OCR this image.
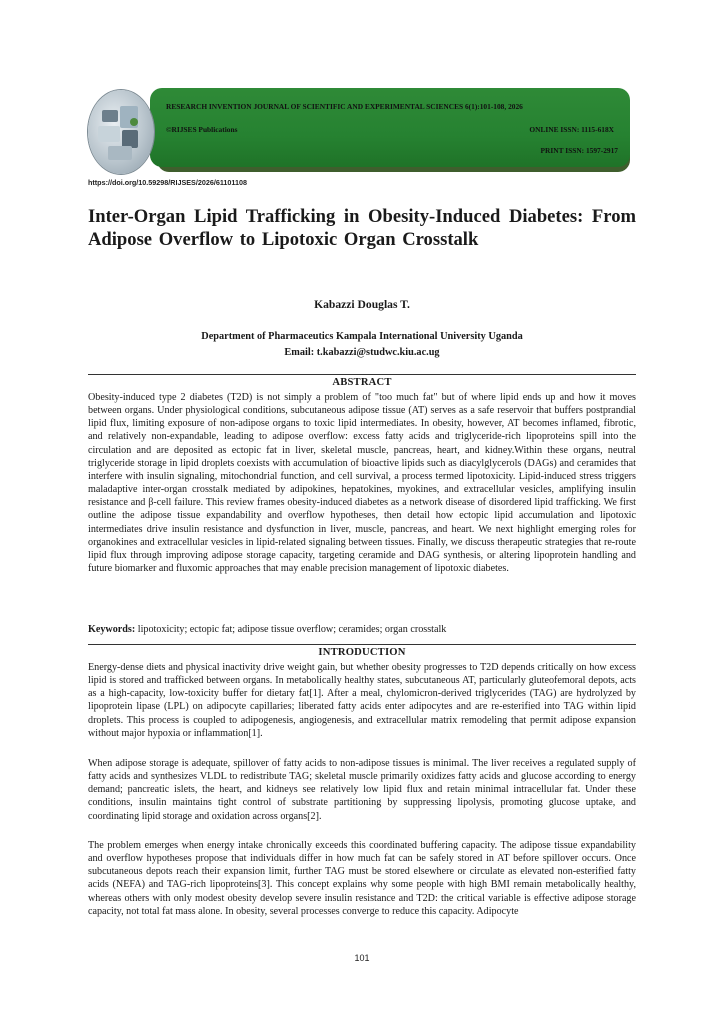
RESEARCH INVENTION JOURNAL OF SCIENTIFIC AND EXPERIMENTAL SCIENCES 6(1):101-108, 2026
©RIJSES Publications	ONLINE ISSN: 1115-618X
PRINT ISSN: 1597-2917
https://doi.org/10.59298/RIJSES/2026/61101108
Inter-Organ Lipid Trafficking in Obesity-Induced Diabetes: From Adipose Overflow to Lipotoxic Organ Crosstalk
Kabazzi Douglas T.
Department of Pharmaceutics Kampala International University Uganda
Email: t.kabazzi@studwc.kiu.ac.ug
ABSTRACT

Obesity-induced type 2 diabetes (T2D) is not simply a problem of "too much fat" but of where lipid ends up and how it moves between organs. Under physiological conditions, subcutaneous adipose tissue (AT) serves as a safe reservoir that buffers postprandial lipid flux, limiting exposure of non-adipose organs to toxic lipid intermediates. In obesity, however, AT becomes inflamed, fibrotic, and relatively non-expandable, leading to adipose overflow: excess fatty acids and triglyceride-rich lipoproteins spill into the circulation and are deposited as ectopic fat in liver, skeletal muscle, pancreas, heart, and kidney.Within these organs, neutral triglyceride storage in lipid droplets coexists with accumulation of bioactive lipids such as diacylglycerols (DAGs) and ceramides that interfere with insulin signaling, mitochondrial function, and cell survival, a process termed lipotoxicity. Lipid-induced stress triggers maladaptive inter-organ crosstalk mediated by adipokines, hepatokines, myokines, and extracellular vesicles, amplifying insulin resistance and β-cell failure. This review frames obesity-induced diabetes as a network disease of disordered lipid trafficking. We first outline the adipose tissue expandability and overflow hypotheses, then detail how ectopic lipid accumulation and lipotoxic intermediates drive insulin resistance and dysfunction in liver, muscle, pancreas, and heart. We next highlight emerging roles for organokines and extracellular vesicles in lipid-related signaling between tissues. Finally, we discuss therapeutic strategies that re-route lipid flux through improving adipose storage capacity, targeting ceramide and DAG synthesis, or altering lipoprotein handling and future biomarker and fluxomic approaches that may enable precision management of lipotoxic diabetes.

Keywords: lipotoxicity; ectopic fat; adipose tissue overflow; ceramides; organ crosstalk
INTRODUCTION

Energy-dense diets and physical inactivity drive weight gain, but whether obesity progresses to T2D depends critically on how excess lipid is stored and trafficked between organs. In metabolically healthy states, subcutaneous AT, particularly gluteofemoral depots, acts as a high-capacity, low-toxicity buffer for dietary fat[1]. After a meal, chylomicron-derived triglycerides (TAG) are hydrolyzed by lipoprotein lipase (LPL) on adipocyte capillaries; liberated fatty acids enter adipocytes and are re-esterified into TAG within lipid droplets. This process is coupled to adipogenesis, angiogenesis, and extracellular matrix remodeling that permit adipose expansion without major hypoxia or inflammation[1].

When adipose storage is adequate, spillover of fatty acids to non-adipose tissues is minimal. The liver receives a regulated supply of fatty acids and synthesizes VLDL to redistribute TAG; skeletal muscle primarily oxidizes fatty acids and glucose according to energy demand; pancreatic islets, the heart, and kidneys see relatively low lipid flux and retain minimal intracellular fat. Under these conditions, insulin maintains tight control of substrate partitioning by suppressing lipolysis, promoting glucose uptake, and coordinating lipid storage and oxidation across organs[2].

The problem emerges when energy intake chronically exceeds this coordinated buffering capacity. The adipose tissue expandability and overflow hypotheses propose that individuals differ in how much fat can be safely stored in AT before spillover occurs. Once subcutaneous depots reach their expansion limit, further TAG must be stored elsewhere or circulate as elevated non-esterified fatty acids (NEFA) and TAG-rich lipoproteins[3]. This concept explains why some people with high BMI remain metabolically healthy, whereas others with only modest obesity develop severe insulin resistance and T2D: the critical variable is effective adipose storage capacity, not total fat mass alone. In obesity, several processes converge to reduce this capacity. Adipocyte

101
